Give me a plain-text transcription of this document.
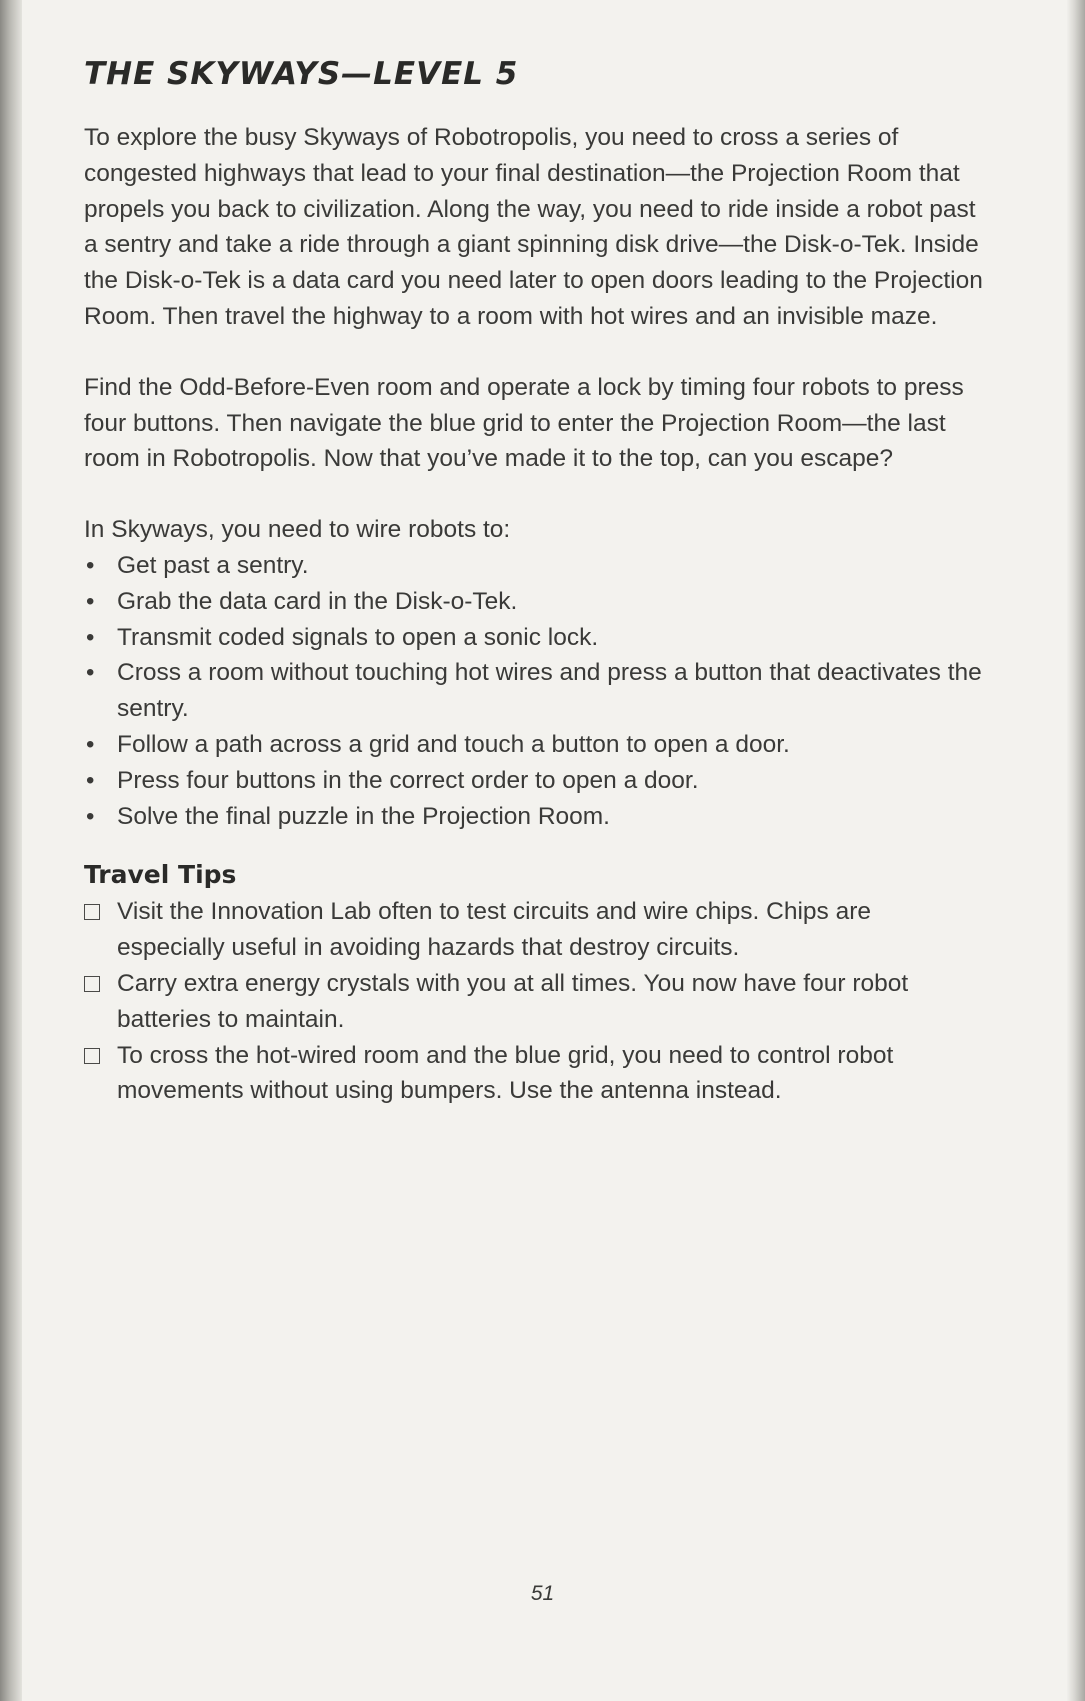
THE SKYWAYS—LEVEL 5

To explore the busy Skyways of Robotropolis, you need to cross a series of congested highways that lead to your final destination—the Projection Room that propels you back to civilization. Along the way, you need to ride inside a robot past a sentry and take a ride through a giant spinning disk drive—the Disk-o-Tek. Inside the Disk-o-Tek is a data card you need later to open doors leading to the Projection Room. Then travel the highway to a room with hot wires and an invisible maze.

Find the Odd-Before-Even room and operate a lock by timing four robots to press four buttons. Then navigate the blue grid to enter the Projection Room—the last room in Robotropolis. Now that you’ve made it to the top, can you escape?

In Skyways, you need to wire robots to:

• Get past a sentry.
• Grab the data card in the Disk-o-Tek.
• Transmit coded signals to open a sonic lock.
• Cross a room without touching hot wires and press a button that deactivates the sentry.
• Follow a path across a grid and touch a button to open a door.
• Press four buttons in the correct order to open a door.
• Solve the final puzzle in the Projection Room.
Travel Tips
Visit the Innovation Lab often to test circuits and wire chips. Chips are especially useful in avoiding hazards that destroy circuits.
Carry extra energy crystals with you at all times. You now have four robot batteries to maintain.
To cross the hot-wired room and the blue grid, you need to control robot movements without using bumpers. Use the antenna instead.
51
